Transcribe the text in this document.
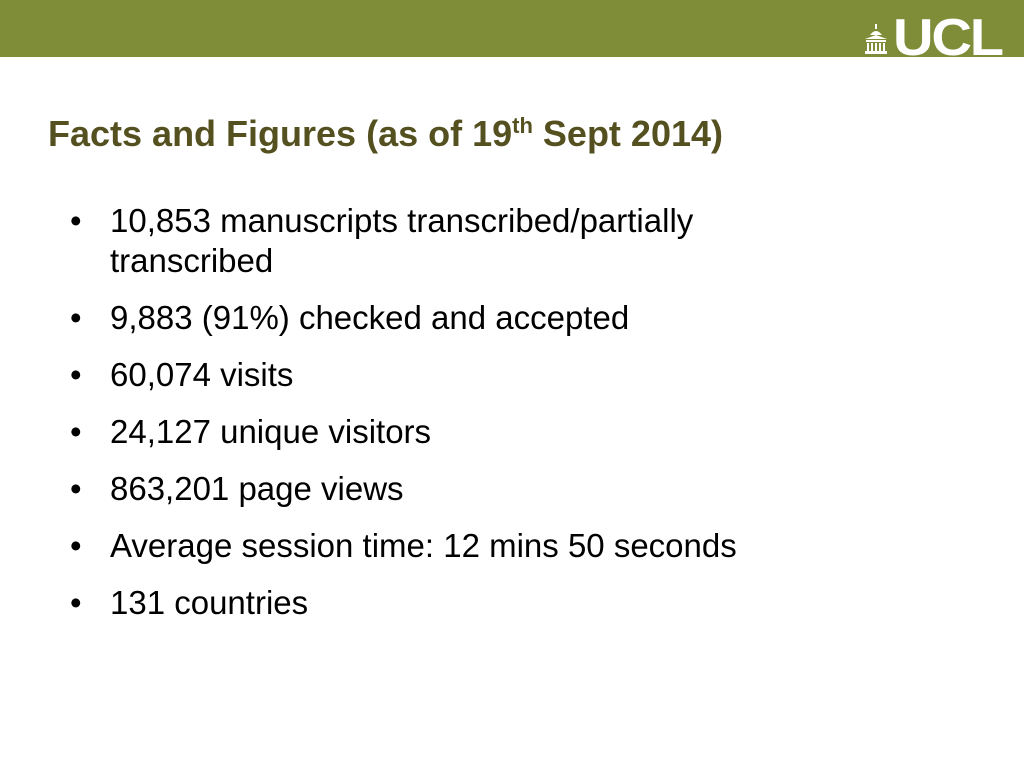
UCL
Facts and Figures (as of 19th Sept 2014)
• 10,853 manuscripts transcribed/partially
transcribed
• 9,883 (91%) checked and accepted
• 60,074 visits
• 24,127 unique visitors
• 863,201 page views
• Average session time: 12 mins 50 seconds
• 131 countries
